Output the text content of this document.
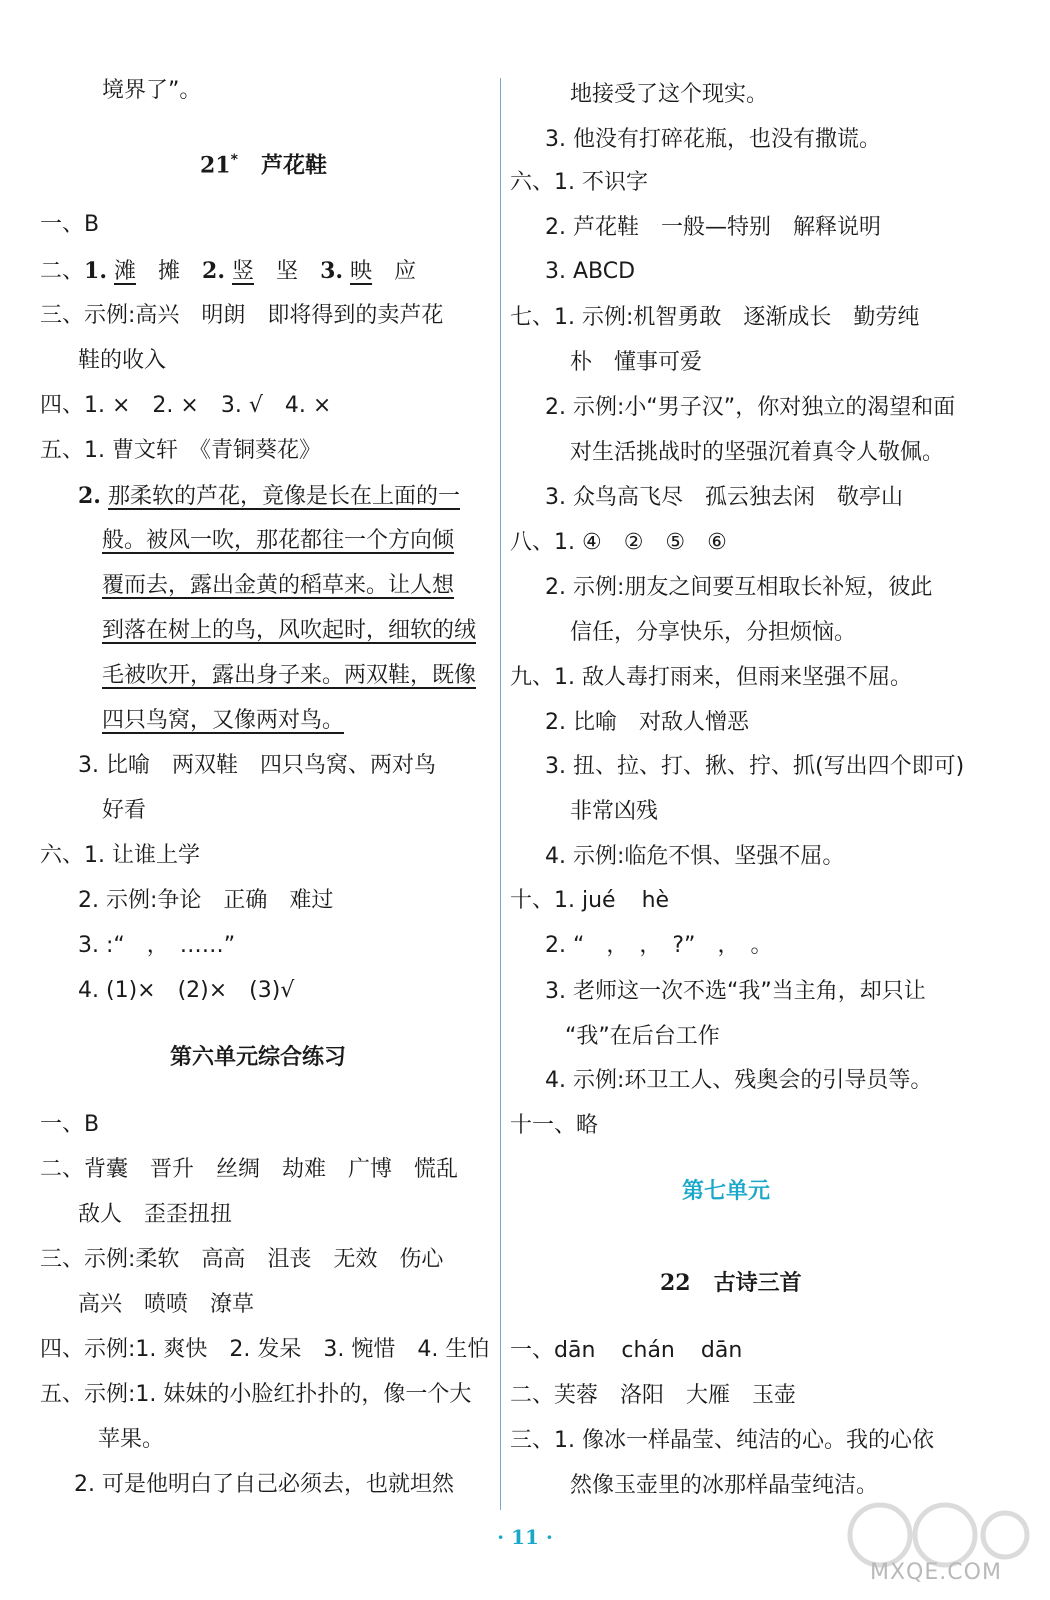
境界了”。
21* 芦花鞋
一、B
二、1. 滩　 摊　 2. 竖　 坚　 3. 映　 应
三、示例:高兴　明朗　即将得到的卖芦花
鞋的收入
四、1. ×　2. ×　3. √　4. ×
五、1. 曹文轩　《青铜葵花》
2. 那柔软的芦花，竟像是长在上面的一
般。被风一吹，那花都往一个方向倾
覆而去，露出金黄的稻草来。让人想
到落在树上的鸟，风吹起时，细软的绒
毛被吹开，露出身子来。两双鞋，既像
四只鸟窝，又像两对鸟。
3. 比喻　两双鞋　四只鸟窝、两对鸟
好看
六、1. 让谁上学
2. 示例:争论　正确　难过
3. :“　，　……”
4. (1)×　(2)×　(3)√
第六单元综合练习
一、B
二、背囊　晋升　丝绸　劫难　广博　慌乱
敌人　歪歪扭扭
三、示例:柔软　高高　沮丧　无效　伤心
高兴　喷喷　潦草
四、示例:1. 爽快　2. 发呆　3. 惋惜　4. 生怕
五、示例:1. 妹妹的小脸红扑扑的，像一个大
苹果。
2. 可是他明白了自己必须去，也就坦然
地接受了这个现实。
3. 他没有打碎花瓶，也没有撒谎。
六、1. 不识字
2. 芦花鞋　一般—特别　解释说明
3. ABCD
七、1. 示例:机智勇敢　逐渐成长　勤劳纯
朴　懂事可爱
2. 示例:小“男子汉”，你对独立的渴望和面
对生活挑战时的坚强沉着真令人敬佩。
3. 众鸟高飞尽　孤云独去闲　敬亭山
八、1. ④　②　⑤　⑥
2. 示例:朋友之间要互相取长补短，彼此
信任，分享快乐，分担烦恼。
九、1. 敌人毒打雨来，但雨来坚强不屈。
2. 比喻　对敌人憎恶
3. 扭、拉、打、揪、拧、抓(写出四个即可)
非常凶残
4. 示例:临危不惧、坚强不屈。
十、1. jué hè
2. “　，　，　?”　，　。
3. 老师这一次不选“我”当主角，却只让
“我”在后台工作
4. 示例:环卫工人、残奥会的引导员等。
十一、略
第七单元
22 古诗三首
一、dān chán dān
二、芙蓉　洛阳　大雁　玉壶
三、1. 像冰一样晶莹、纯洁的心。我的心依
然像玉壶里的冰那样晶莹纯洁。
· 11 ·
MXQE.COM
